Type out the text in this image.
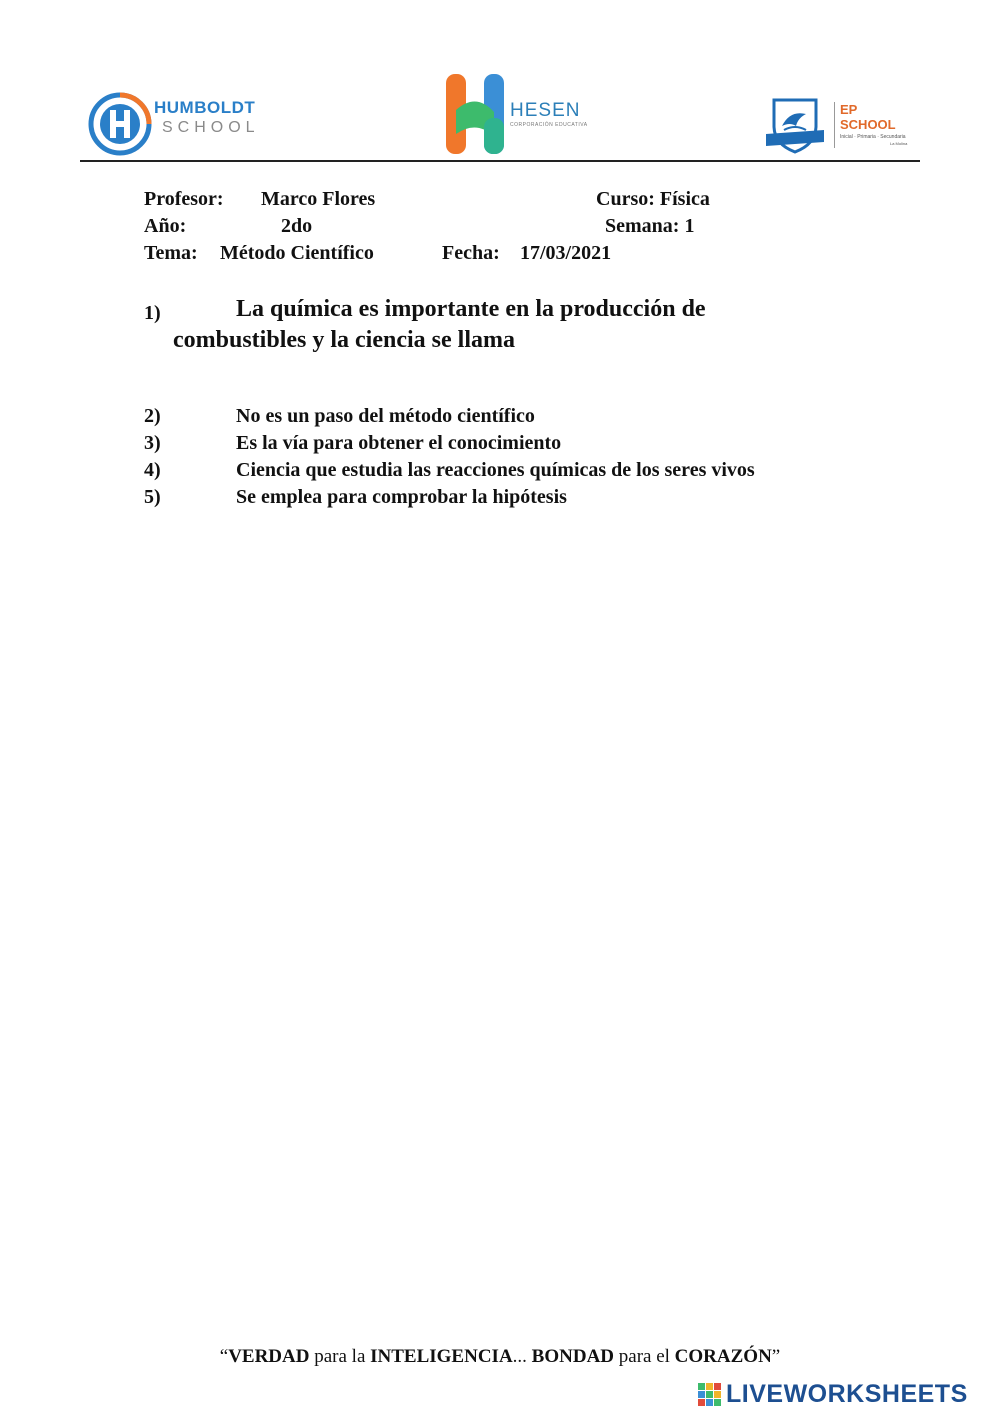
HUMBOLDT
SCHOOL
HESEN
CORPORACIÓN EDUCATIVA
EP
SCHOOL
Inicial · Primaria · Secundaria
La Molina
Profesor: Marco Flores	Curso: Física
Año:	2do	Semana: 1
Tema: Método Científico	Fecha: 17/03/2021
1)	La química es importante en la producción de
combustibles y la ciencia se llama
2)	No es un paso del método científico
3)	Es la vía para obtener el conocimiento
4)	Ciencia que estudia las reacciones químicas de los seres vivos
5)	Se emplea para comprobar la hipótesis
“VERDAD para la INTELIGENCIA... BONDAD para el CORAZÓN”
LIVEWORKSHEETS
